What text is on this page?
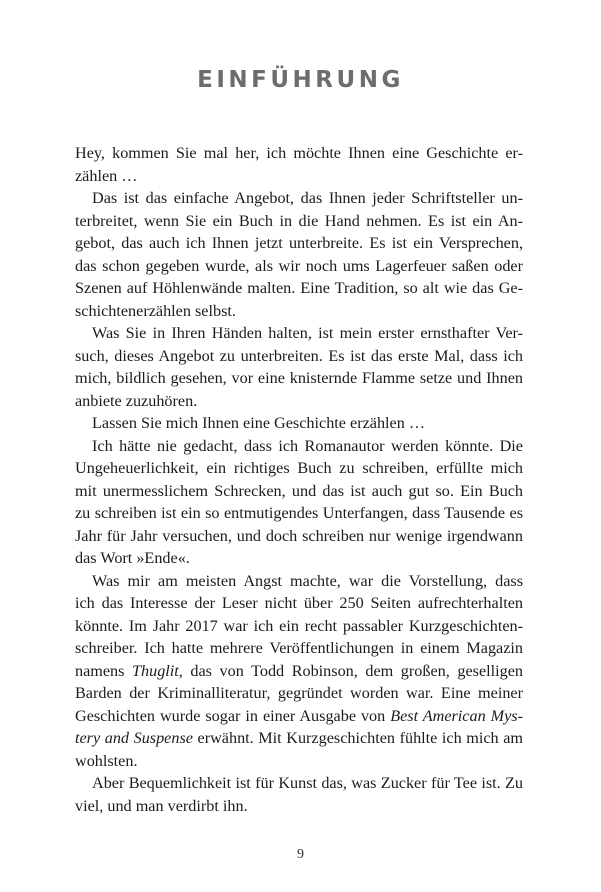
EINFÜHRUNG
Hey, kommen Sie mal her, ich möchte Ihnen eine Geschichte er-
zählen …
Das ist das einfache Angebot, das Ihnen jeder Schriftsteller un-
terbreitet, wenn Sie ein Buch in die Hand nehmen. Es ist ein An-
gebot, das auch ich Ihnen jetzt unterbreite. Es ist ein Versprechen,
das schon gegeben wurde, als wir noch ums Lagerfeuer saßen oder
Szenen auf Höhlenwände malten. Eine Tradition, so alt wie das Ge-
schichtenerzählen selbst.
Was Sie in Ihren Händen halten, ist mein erster ernsthafter Ver-
such, dieses Angebot zu unterbreiten. Es ist das erste Mal, dass ich
mich, bildlich gesehen, vor eine knisternde Flamme setze und Ihnen
anbiete zuzuhören.
Lassen Sie mich Ihnen eine Geschichte erzählen …
Ich hätte nie gedacht, dass ich Romanautor werden könnte. Die
Ungeheuerlichkeit, ein richtiges Buch zu schreiben, erfüllte mich
mit unermesslichem Schrecken, und das ist auch gut so. Ein Buch
zu schreiben ist ein so entmutigendes Unterfangen, dass Tausende es
Jahr für Jahr versuchen, und doch schreiben nur wenige irgendwann
das Wort »Ende«.
Was mir am meisten Angst machte, war die Vorstellung, dass
ich das Interesse der Leser nicht über 250 Seiten aufrechterhalten
könnte. Im Jahr 2017 war ich ein recht passabler Kurzgeschichten-
schreiber. Ich hatte mehrere Veröffentlichungen in einem Magazin
namens Thuglit, das von Todd Robinson, dem großen, geselligen
Barden der Kriminalliteratur, gegründet worden war. Eine meiner
Geschichten wurde sogar in einer Ausgabe von Best American Mys-
tery and Suspense erwähnt. Mit Kurzgeschichten fühlte ich mich am
wohlsten.
Aber Bequemlichkeit ist für Kunst das, was Zucker für Tee ist. Zu
viel, und man verdirbt ihn.
9
